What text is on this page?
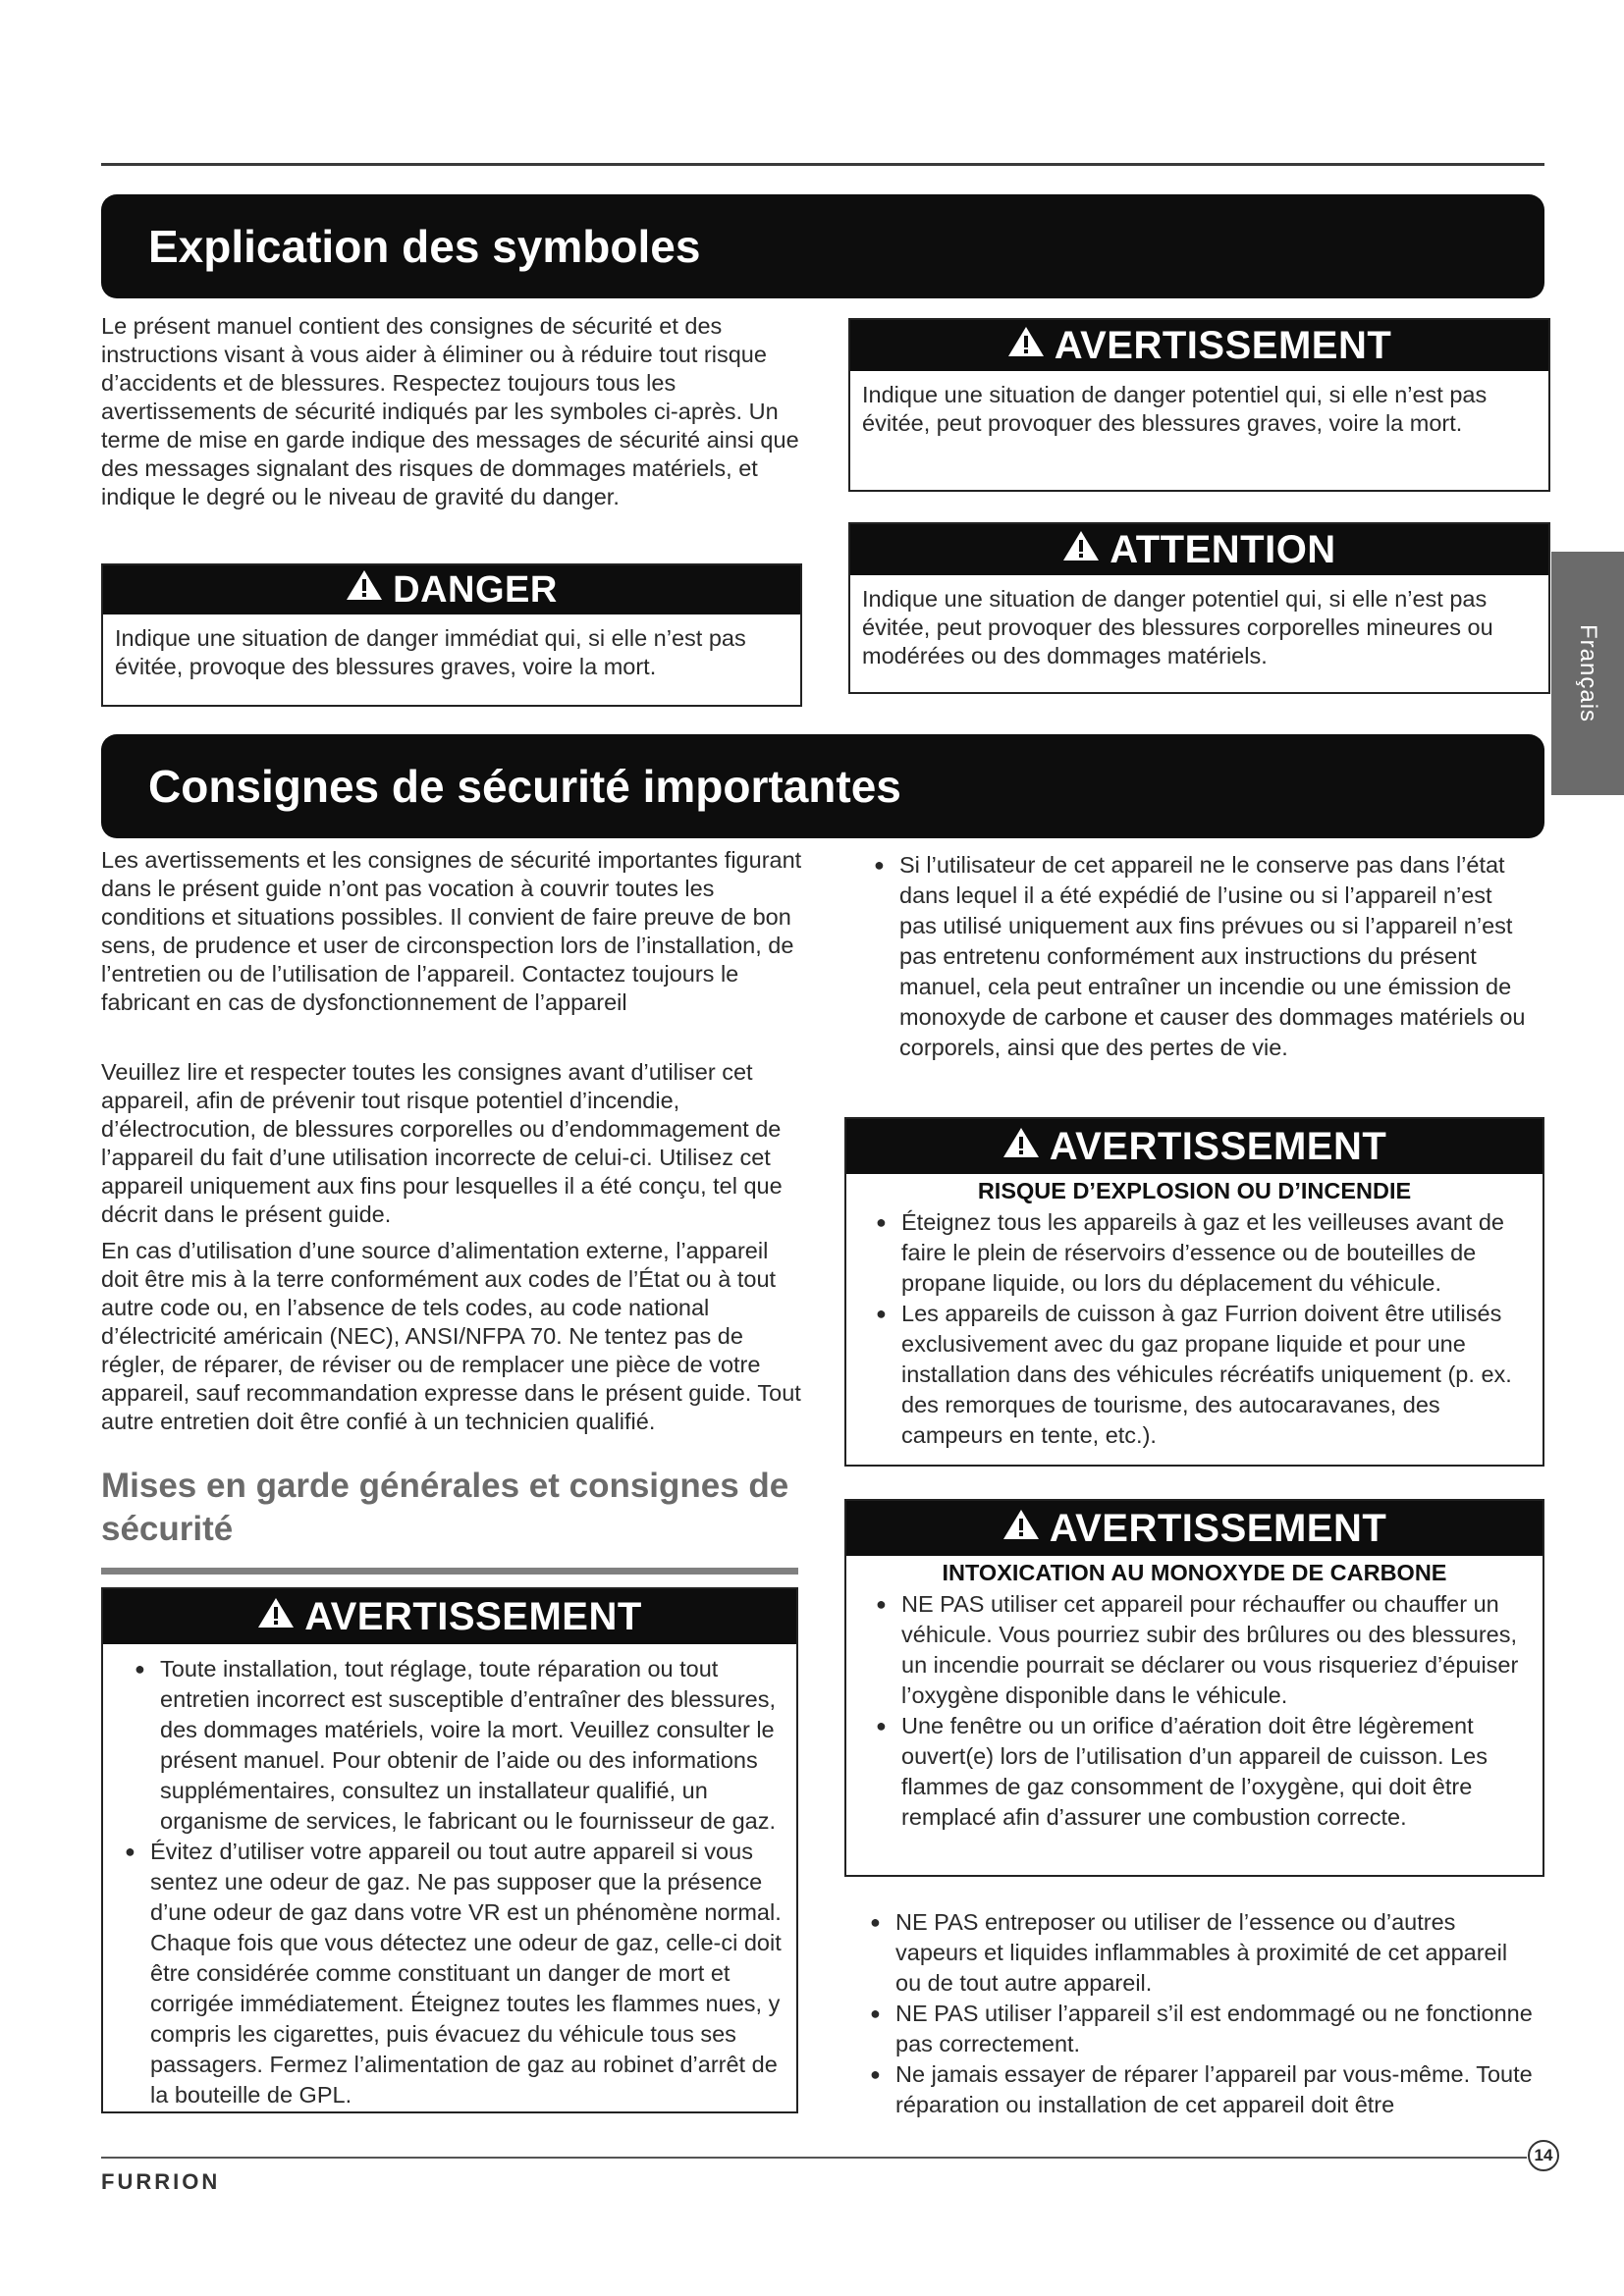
Explication des symboles

Le présent manuel contient des consignes de sécurité et des instructions visant à vous aider à éliminer ou à réduire tout risque d’accidents et de blessures. Respectez toujours tous les avertissements de sécurité indiqués par les symboles ci-après. Un terme de mise en garde indique des messages de sécurité ainsi que des messages signalant des risques de dommages matériels, et indique le degré ou le niveau de gravité du danger.

DANGER
Indique une situation de danger immédiat qui, si elle n’est pas évitée, provoque des blessures graves, voire la mort.
AVERTISSEMENT
Indique une situation de danger potentiel qui, si elle n’est pas évitée, peut provoquer des blessures graves, voire la mort.
ATTENTION
Indique une situation de danger potentiel qui, si elle n’est pas évitée, peut provoquer des blessures corporelles mineures ou modérées ou des dommages matériels.	Français
Consignes de sécurité importantes

Les avertissements et les consignes de sécurité importantes figurant dans le présent guide n’ont pas vocation à couvrir toutes les conditions et situations possibles. Il convient de faire preuve de bon sens, de prudence et user de circonspection lors de l’installation, de l’entretien ou de l’utilisation de l’appareil. Contactez toujours le fabricant en cas de dysfonctionnement de l’appareil

Veuillez lire et respecter toutes les consignes avant d’utiliser cet appareil, afin de prévenir tout risque potentiel d’incendie, d’électrocution, de blessures corporelles ou d’endommagement de l’appareil du fait d’une utilisation incorrecte de celui-ci. Utilisez cet appareil uniquement aux fins pour lesquelles il a été conçu, tel que décrit dans le présent guide.

En cas d’utilisation d’une source d’alimentation externe, l’appareil doit être mis à la terre conformément aux codes de l’État ou à tout autre code ou, en l’absence de tels codes, au code national d’électricité américain (NEC), ANSI/NFPA 70. Ne tentez pas de régler, de réparer, de réviser ou de remplacer une pièce de votre appareil, sauf recommandation expresse dans le présent guide. Tout autre entretien doit être confié à un technicien qualifié.

Mises en garde générales et consignes de sécurité
AVERTISSEMENT
● Toute installation, tout réglage, toute réparation ou tout entretien incorrect est susceptible d’entraîner des blessures, des dommages matériels, voire la mort. Veuillez consulter le présent manuel. Pour obtenir de l’aide ou des informations supplémentaires, consultez un installateur qualifié, un organisme de services, le fabricant ou le fournisseur de gaz.
● Évitez d’utiliser votre appareil ou tout autre appareil si vous sentez une odeur de gaz. Ne pas supposer que la présence d’une odeur de gaz dans votre VR est un phénomène normal. Chaque fois que vous détectez une odeur de gaz, celle-ci doit être considérée comme constituant un danger de mort et corrigée immédiatement. Éteignez toutes les flammes nues, y compris les cigarettes, puis évacuez du véhicule tous ses passagers. Fermez l’alimentation de gaz au robinet d’arrêt de la bouteille de GPL.
● Si l’utilisateur de cet appareil ne le conserve pas dans l’état dans lequel il a été expédié de l’usine ou si l’appareil n’est pas utilisé uniquement aux fins prévues ou si l’appareil n’est pas entretenu conformément aux instructions du présent manuel, cela peut entraîner un incendie ou une émission de monoxyde de carbone et causer des dommages matériels ou corporels, ainsi que des pertes de vie.
AVERTISSEMENT
RISQUE D’EXPLOSION OU D’INCENDIE
● Éteignez tous les appareils à gaz et les veilleuses avant de faire le plein de réservoirs d’essence ou de bouteilles de propane liquide, ou lors du déplacement du véhicule.
● Les appareils de cuisson à gaz Furrion doivent être utilisés exclusivement avec du gaz propane liquide et pour une installation dans des véhicules récréatifs uniquement (p. ex. des remorques de tourisme, des autocaravanes, des campeurs en tente, etc.).
AVERTISSEMENT
INTOXICATION AU MONOXYDE DE CARBONE
● NE PAS utiliser cet appareil pour réchauffer ou chauffer un véhicule. Vous pourriez subir des brûlures ou des blessures, un incendie pourrait se déclarer ou vous risqueriez d’épuiser l’oxygène disponible dans le véhicule.
● Une fenêtre ou un orifice d’aération doit être légèrement ouvert(e) lors de l’utilisation d’un appareil de cuisson. Les flammes de gaz consomment de l’oxygène, qui doit être remplacé afin d’assurer une combustion correcte.
● NE PAS entreposer ou utiliser de l’essence ou d’autres vapeurs et liquides inflammables à proximité de cet appareil ou de tout autre appareil.
● NE PAS utiliser l’appareil s’il est endommagé ou ne fonctionne pas correctement.
● Ne jamais essayer de réparer l’appareil par vous-même. Toute réparation ou installation de cet appareil doit être
FURRION
14
